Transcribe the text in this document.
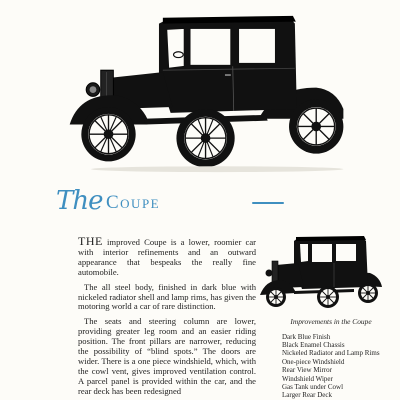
The Coupe

THE improved Coupe is a lower, roomier car with interior refinements and an outward appearance that bespeaks the really fine automobile.

The all steel body, finished in dark blue with nickeled radiator shell and lamp rims, has given the motoring world a car of rare distinction.

The seats and steering column are lower, providing greater leg room and an easier riding position. The front pillars are narrower, reducing the possibility of “blind spots.” The doors are wider. There is a one piece windshield, which, with the cowl vent, gives improved ventilation control. A parcel panel is provided within the car, and the rear deck has been redesigned

Improvements in the Coupe
Dark Blue Finish
Black Enamel Chassis
Nickeled Radiator and Lamp Rims
One-piece Windshield
Rear View Mirror
Windshield Wiper
Gas Tank under Cowl
Larger Rear Deck
